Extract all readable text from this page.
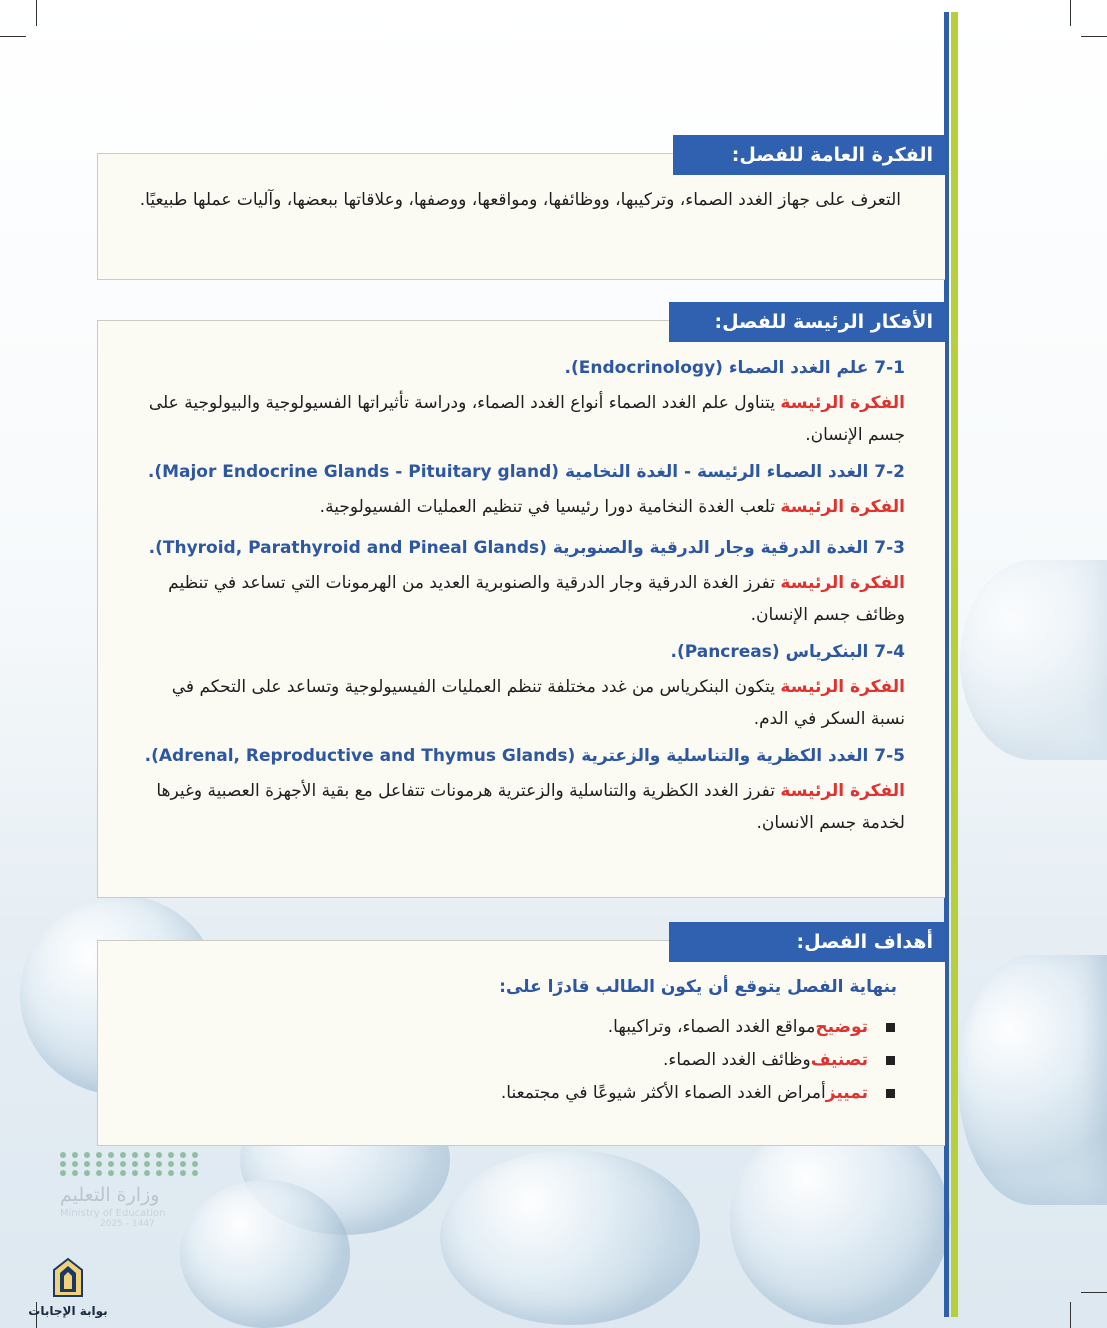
التعرف على جهاز الغدد الصماء، وتركيبها، ووظائفها، ومواقعها، ووصفها، وعلاقاتها ببعضها، وآليات عملها طبيعيًا.
الفكرة العامة للفصل:
7-1 علم الغدد الصماء (Endocrinology).
الفكرة الرئيسة يتناول علم الغدد الصماء أنواع الغدد الصماء، ودراسة تأثيراتها الفسيولوجية والبيولوجية على جسم الإنسان.
7-2 الغدد الصماء الرئيسة - الغدة النخامية (Major Endocrine Glands - Pituitary gland).
الفكرة الرئيسة تلعب الغدة النخامية دورا رئيسيا في تنظيم العمليات الفسيولوجية.
7-3 الغدة الدرقية وجار الدرقية والصنوبرية (Thyroid, Parathyroid and Pineal Glands).
الفكرة الرئيسة تفرز الغدة الدرقية وجار الدرقية والصنوبرية العديد من الهرمونات التي تساعد في تنظيم وظائف جسم الإنسان.
7-4 البنكرياس (Pancreas).
الفكرة الرئيسة يتكون البنكرياس من غدد مختلفة تنظم العمليات الفيسيولوجية وتساعد على التحكم في نسبة السكر في الدم.
7-5 الغدد الكظرية والتناسلية والزعترية (Adrenal, Reproductive and Thymus Glands).
الفكرة الرئيسة تفرز الغدد الكظرية والتناسلية والزعترية هرمونات تتفاعل مع بقية الأجهزة العصبية وغيرها لخدمة جسم الانسان.
الأفكار الرئيسة للفصل:
بنهاية الفصل يتوقع أن يكون الطالب قادرًا على:
توضيح
مواقع الغدد الصماء، وتراكيبها.
تصنيف
وظائف الغدد الصماء.
تمييز
أمراض الغدد الصماء الأكثر شيوعًا في مجتمعنا.
أهداف الفصل:
وزارة التعليم
Ministry of Education
2025 - 1447
بوابة الإجابات
